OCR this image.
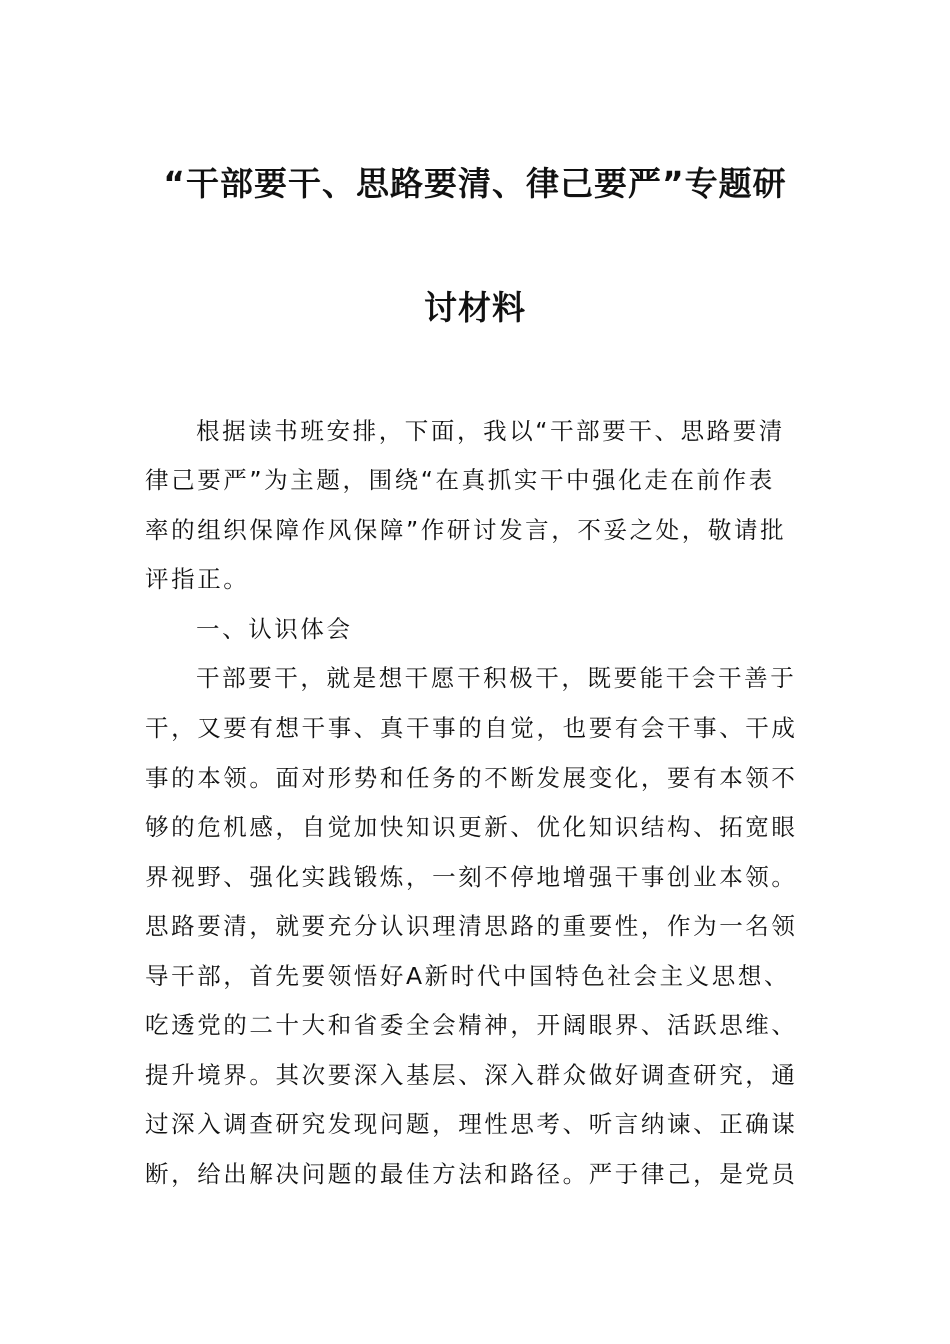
“干部要干、思路要清、律己要严”专题研
讨材料
根据读书班安排，下面，我以“干部要干、思路要清
律己要严”为主题，围绕“在真抓实干中强化走在前作表
率的组织保障作风保障”作研讨发言，不妥之处，敬请批
评指正。
一、认识体会
干部要干，就是想干愿干积极干，既要能干会干善于
干，又要有想干事、真干事的自觉，也要有会干事、干成
事的本领。面对形势和任务的不断发展变化，要有本领不
够的危机感，自觉加快知识更新、优化知识结构、拓宽眼
界视野、强化实践锻炼，一刻不停地增强干事创业本领。
思路要清，就要充分认识理清思路的重要性，作为一名领
导干部，首先要领悟好A新时代中国特色社会主义思想、
吃透党的二十大和省委全会精神，开阔眼界、活跃思维、
提升境界。其次要深入基层、深入群众做好调查研究，通
过深入调查研究发现问题，理性思考、听言纳谏、正确谋
断，给出解决问题的最佳方法和路径。严于律己，是党员
